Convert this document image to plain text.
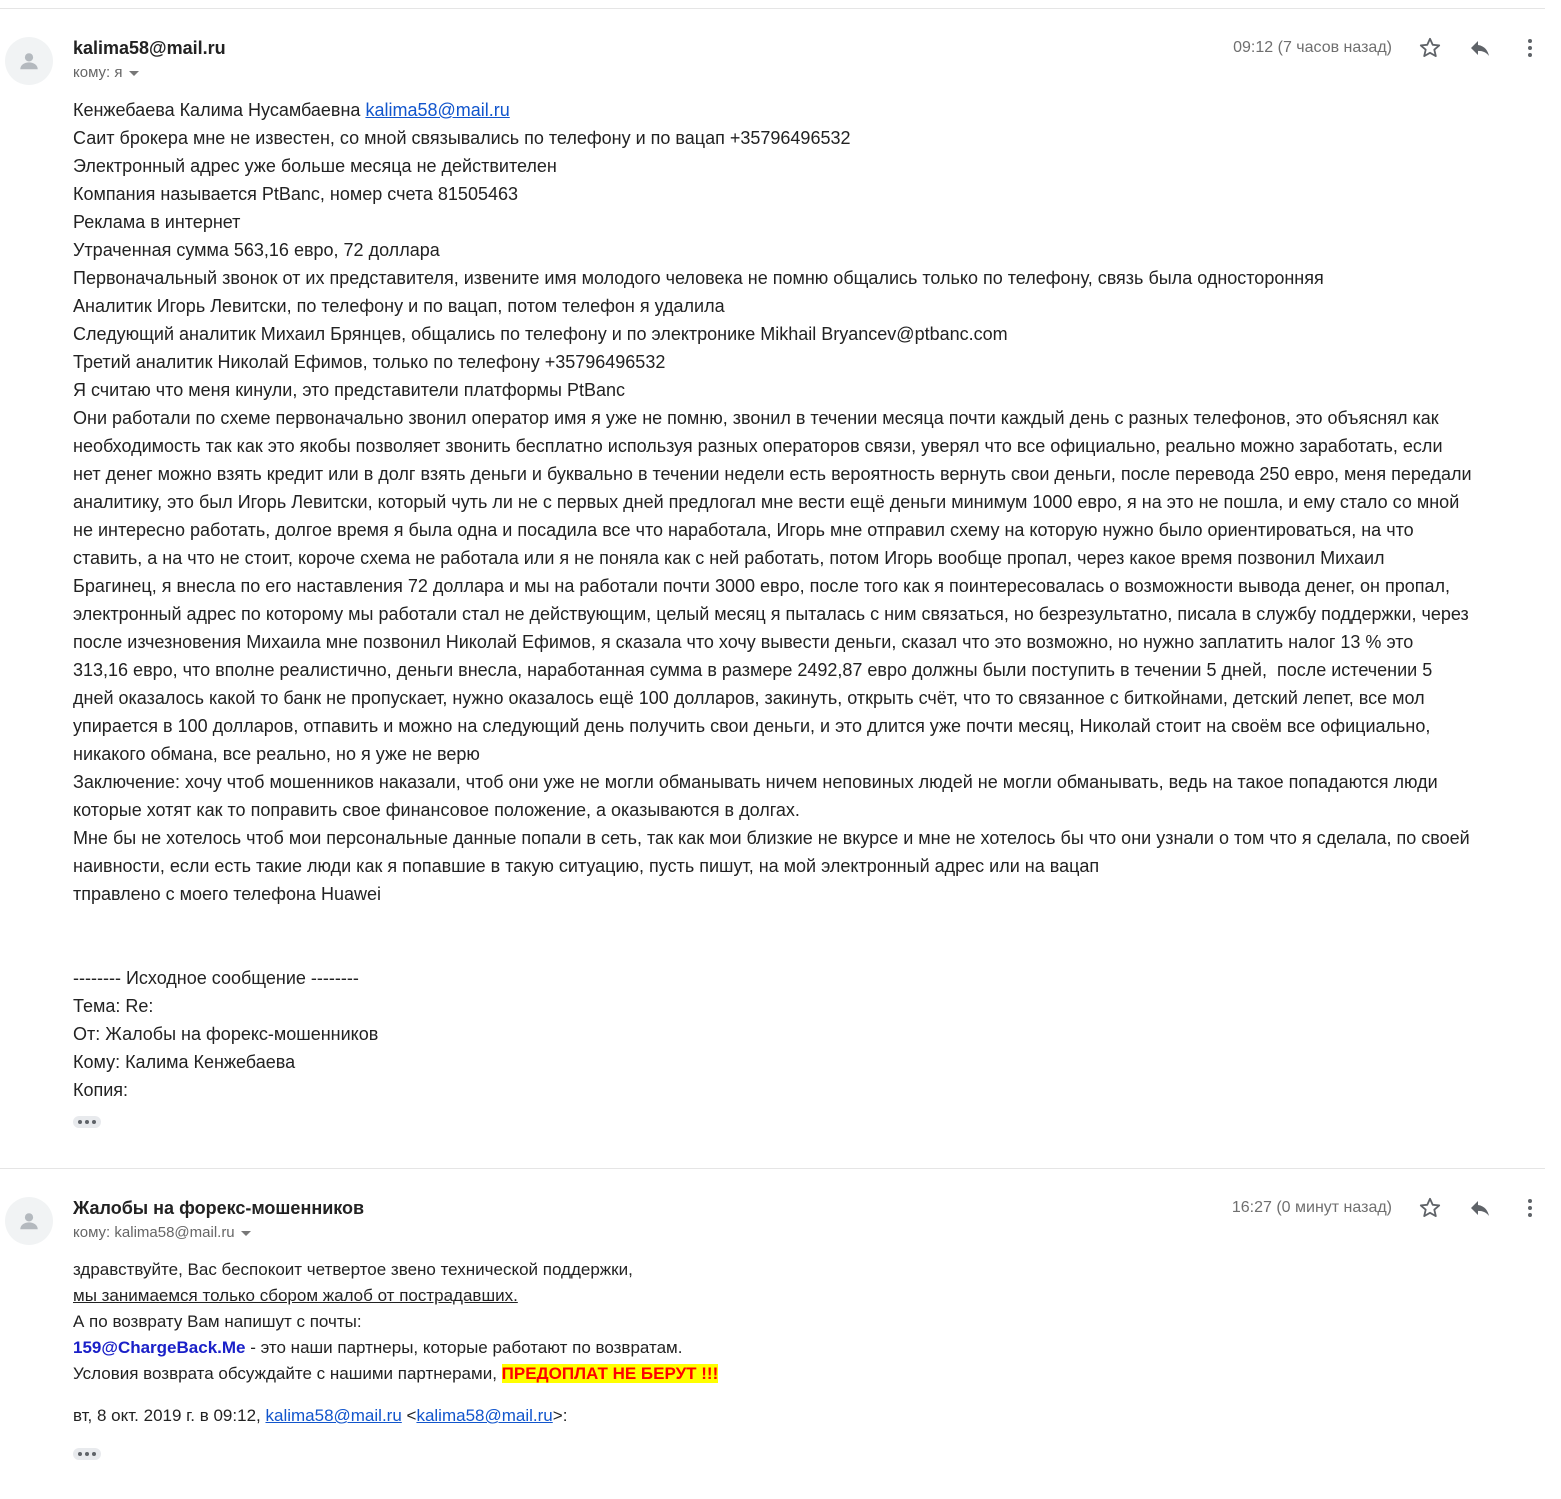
kalima58@mail.ru
кому: я
09:12 (7 часов назад)
Кенжебаева Калима Нусамбаевна kalima58@mail.ru
Саит брокера мне не известен, со мной связывались по телефону и по вацап +35796496532
Электронный адрес уже больше месяца не действителен
Компания называется PtBanc, номер счета 81505463
Реклама в интернет
Утраченная сумма 563,16 евро, 72 доллара
Первоначальный звонок от их представителя, извените имя молодого человека не помню общались только по телефону, связь была односторонняя
Аналитик Игорь Левитски, по телефону и по вацап, потом телефон я удалила
Следующий аналитик Михаил Брянцев, общались по телефону и по электронике Mikhail Bryancev@ptbanc.com
Третий аналитик Николай Ефимов, только по телефону +35796496532
Я считаю что меня кинули, это представители платформы PtBanc
Они работали по схеме первоначально звонил оператор имя я уже не помню, звонил в течении месяца почти каждый день с разных телефонов, это объяснял как
необходимость так как это якобы позволяет звонить бесплатно используя разных операторов связи, уверял что все официально, реально можно заработать, если
нет денег можно взять кредит или в долг взять деньги и буквально в течении недели есть вероятность вернуть свои деньги, после перевода 250 евро, меня передали
аналитику, это был Игорь Левитски, который чуть ли не с первых дней предлогал мне вести ещё деньги минимум 1000 евро, я на это не пошла, и ему стало со мной
не интересно работать, долгое время я была одна и посадила все что наработала, Игорь мне отправил схему на которую нужно было ориентироваться, на что
ставить, а на что не стоит, короче схема не работала или я не поняла как с ней работать, потом Игорь вообще пропал, через какое время позвонил Михаил
Брагинец, я внесла по его наставления 72 доллара и мы на работали почти 3000 евро, после того как я поинтересовалась о возможности вывода денег, он пропал,
электронный адрес по которому мы работали стал не действующим, целый месяц я пыталась с ним связаться, но безрезультатно, писала в службу поддержки, через
после изчезновения Михаила мне позвонил Николай Ефимов, я сказала что хочу вывести деньги, сказал что это возможно, но нужно заплатить налог 13 % это
313,16 евро, что вполне реалистично, деньги внесла, наработанная сумма в размере 2492,87 евро должны были поступить в течении 5 дней,  после истечении 5
дней оказалось какой то банк не пропускает, нужно оказалось ещё 100 долларов, закинуть, открыть счёт, что то связанное с биткойнами, детский лепет, все мол
упирается в 100 долларов, отпавить и можно на следующий день получить свои деньги, и это длится уже почти месяц, Николай стоит на своём все официально,
никакого обмана, все реально, но я уже не верю
Заключение: хочу чтоб мошенников наказали, чтоб они уже не могли обманывать ничем неповиных людей не могли обманывать, ведь на такое попадаются люди
которые хотят как то поправить свое финансовое положение, а оказываются в долгах.
Мне бы не хотелось чтоб мои персональные данные попали в сеть, так как мои близкие не вкурсе и мне не хотелось бы что они узнали о том что я сделала, по своей
наивности, если есть такие люди как я попавшие в такую ситуацию, пусть пишут, на мой электронный адрес или на вацап
тправлено с моего телефона Huawei
-------- Исходное сообщение --------
Тема: Re:
От: Жалобы на форекс-мошенников
Кому: Калима Кенжебаева
Копия:
Жалобы на форекс-мошенников
кому: kalima58@mail.ru
16:27 (0 минут назад)
здравствуйте, Вас беспокоит четвертое звено технической поддержки,
мы занимаемся только сбором жалоб от пострадавших.
А по возврату Вам напишут с почты:
159@ChargeBack.Me - это наши партнеры, которые работают по возвратам.
Условия возврата обсуждайте с нашими партнерами, ПРЕДОПЛАТ НЕ БЕРУТ !!!
вт, 8 окт. 2019 г. в 09:12, kalima58@mail.ru <kalima58@mail.ru>:
